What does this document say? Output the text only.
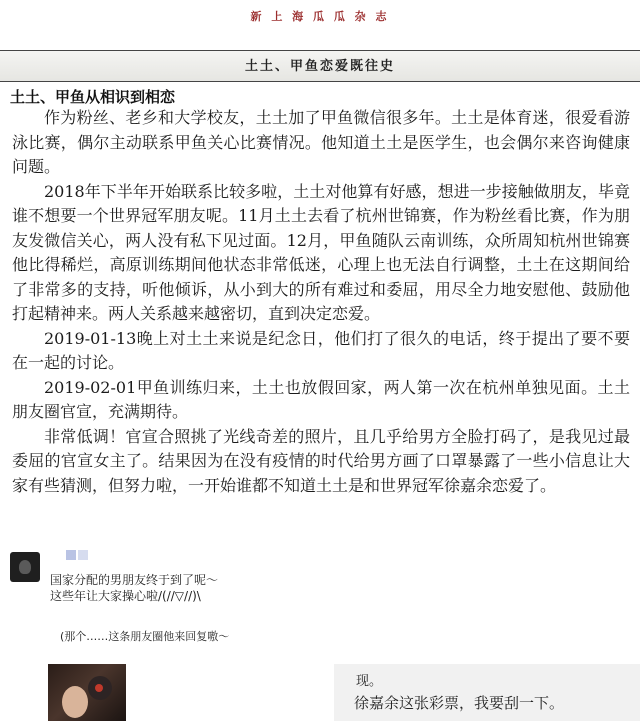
新 上 海 瓜 瓜 杂 志
土土、甲鱼恋爱既往史
土土、甲鱼从相识到相恋

作为粉丝、老乡和大学校友，土土加了甲鱼微信很多年。土土是体育迷，很爱看游泳比赛，偶尔主动联系甲鱼关心比赛情况。他知道土土是医学生，也会偶尔来咨询健康问题。

2018年下半年开始联系比较多啦，土土对他算有好感，想进一步接触做朋友，毕竟谁不想要一个世界冠军朋友呢。11月土土去看了杭州世锦赛，作为粉丝看比赛，作为朋友发微信关心，两人没有私下见过面。12月，甲鱼随队云南训练，众所周知杭州世锦赛他比得稀烂，高原训练期间他状态非常低迷，心理上也无法自行调整，土土在这期间给了非常多的支持，听他倾诉，从小到大的所有难过和委屈，用尽全力地安慰他、鼓励他打起精神来。两人关系越来越密切，直到决定恋爱。

2019-01-13晚上对土土来说是纪念日，他们打了很久的电话，终于提出了要不要在一起的讨论。

2019-02-01甲鱼训练归来，土土也放假回家，两人第一次在杭州单独见面。土土朋友圈官宣，充满期待。

非常低调！官宣合照挑了光线奇差的照片，且几乎给男方全脸打码了，是我见过最委屈的官宣女主了。结果因为在没有疫情的时代给男方画了口罩暴露了一些小信息让大家有些猜测，但努力啦，一开始谁都不知道土土是和世界冠军徐嘉余恋爱了。

国家分配的男朋友终于到了呢～
这些年让大家操心啦/(//▽//)\
(那个……这条朋友圈他来回复嗷～
现。
徐嘉余这张彩票，我要刮一下。
